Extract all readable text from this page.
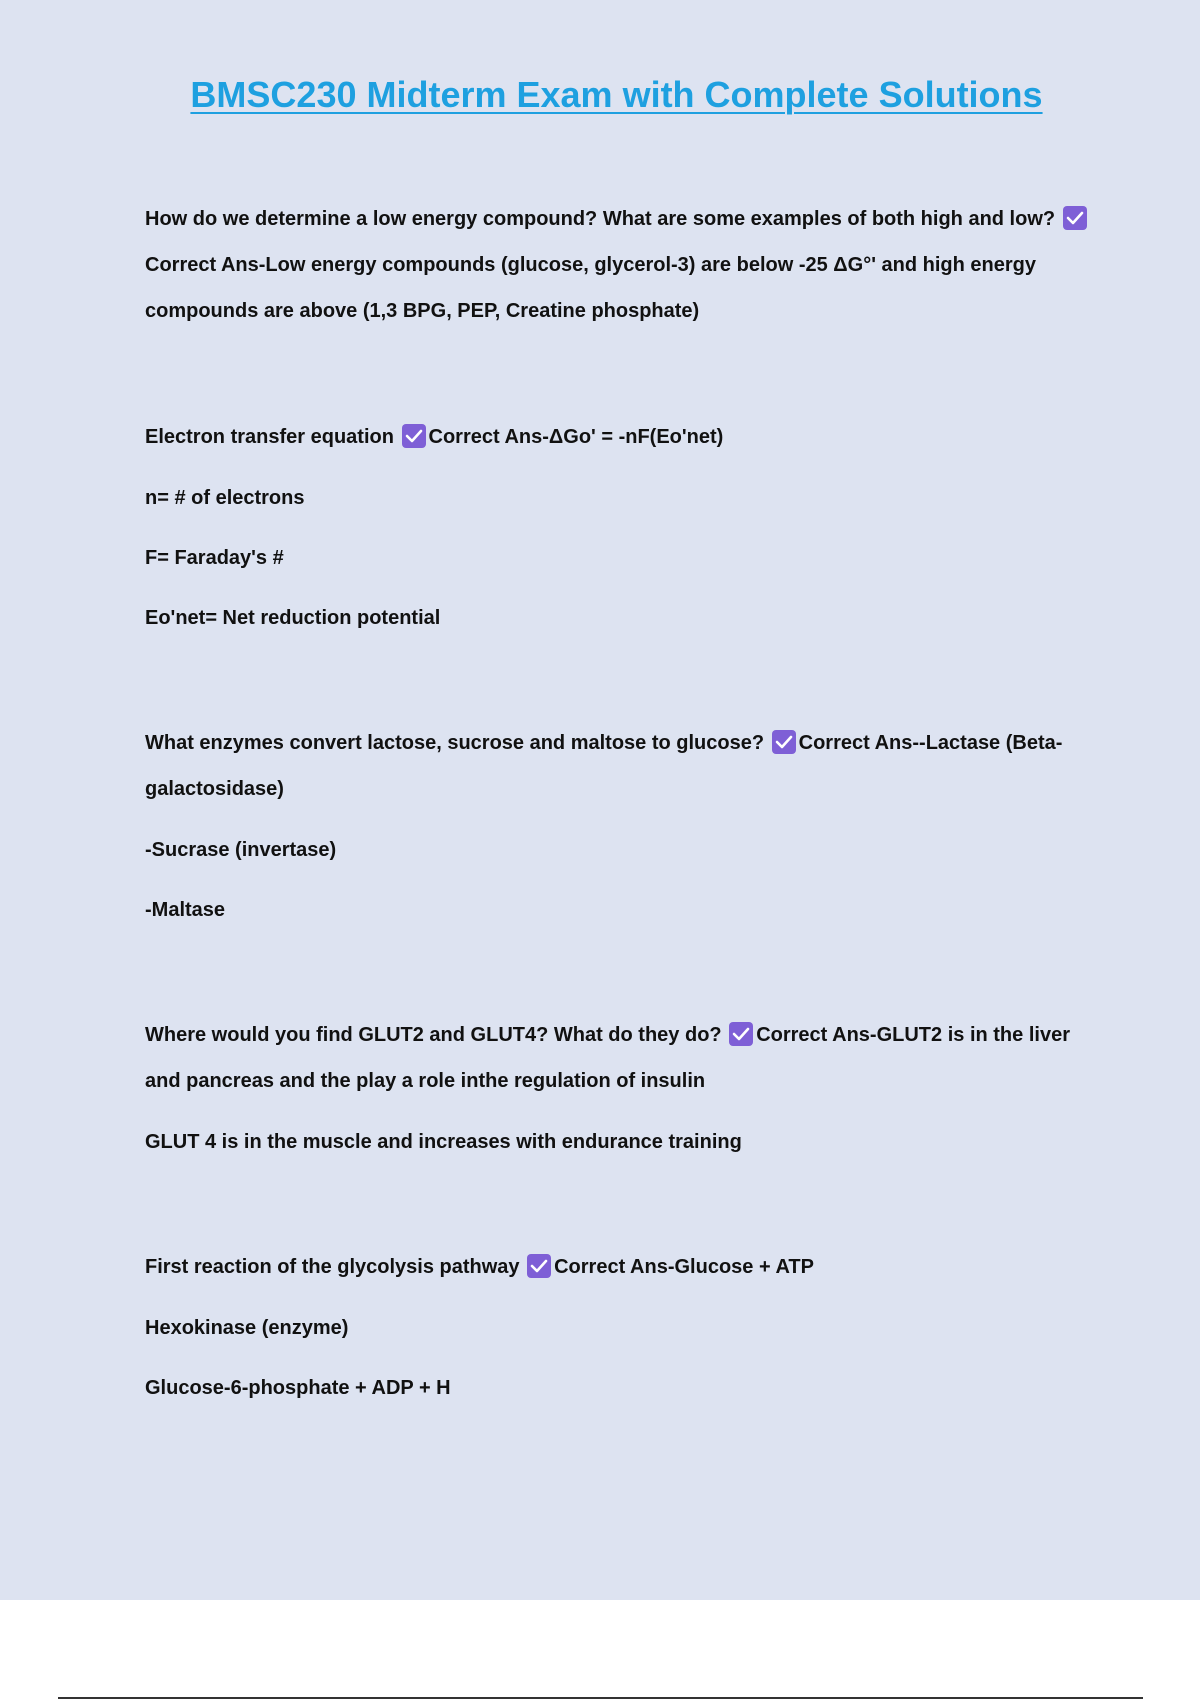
BMSC230 Midterm Exam with Complete Solutions

How do we determine a low energy compound? What are some examples of both high and low?
Correct Ans-Low energy compounds (glucose, glycerol-3) are below -25 ΔG°' and high energy compounds are above (1,3 BPG, PEP, Creatine phosphate)

Electron transfer equation Correct Ans-ΔGo' = -nF(Eo'net)

n= # of electrons

F= Faraday's #

Eo'net= Net reduction potential

What enzymes convert lactose, sucrose and maltose to glucose? Correct Ans--Lactase (Beta-galactosidase)

-Sucrase (invertase)

-Maltase

Where would you find GLUT2 and GLUT4? What do they do? Correct Ans-GLUT2 is in the liver and pancreas and the play a role inthe regulation of insulin

GLUT 4 is in the muscle and increases with endurance training

First reaction of the glycolysis pathway Correct Ans-Glucose + ATP

Hexokinase (enzyme)

Glucose-6-phosphate + ADP + H
